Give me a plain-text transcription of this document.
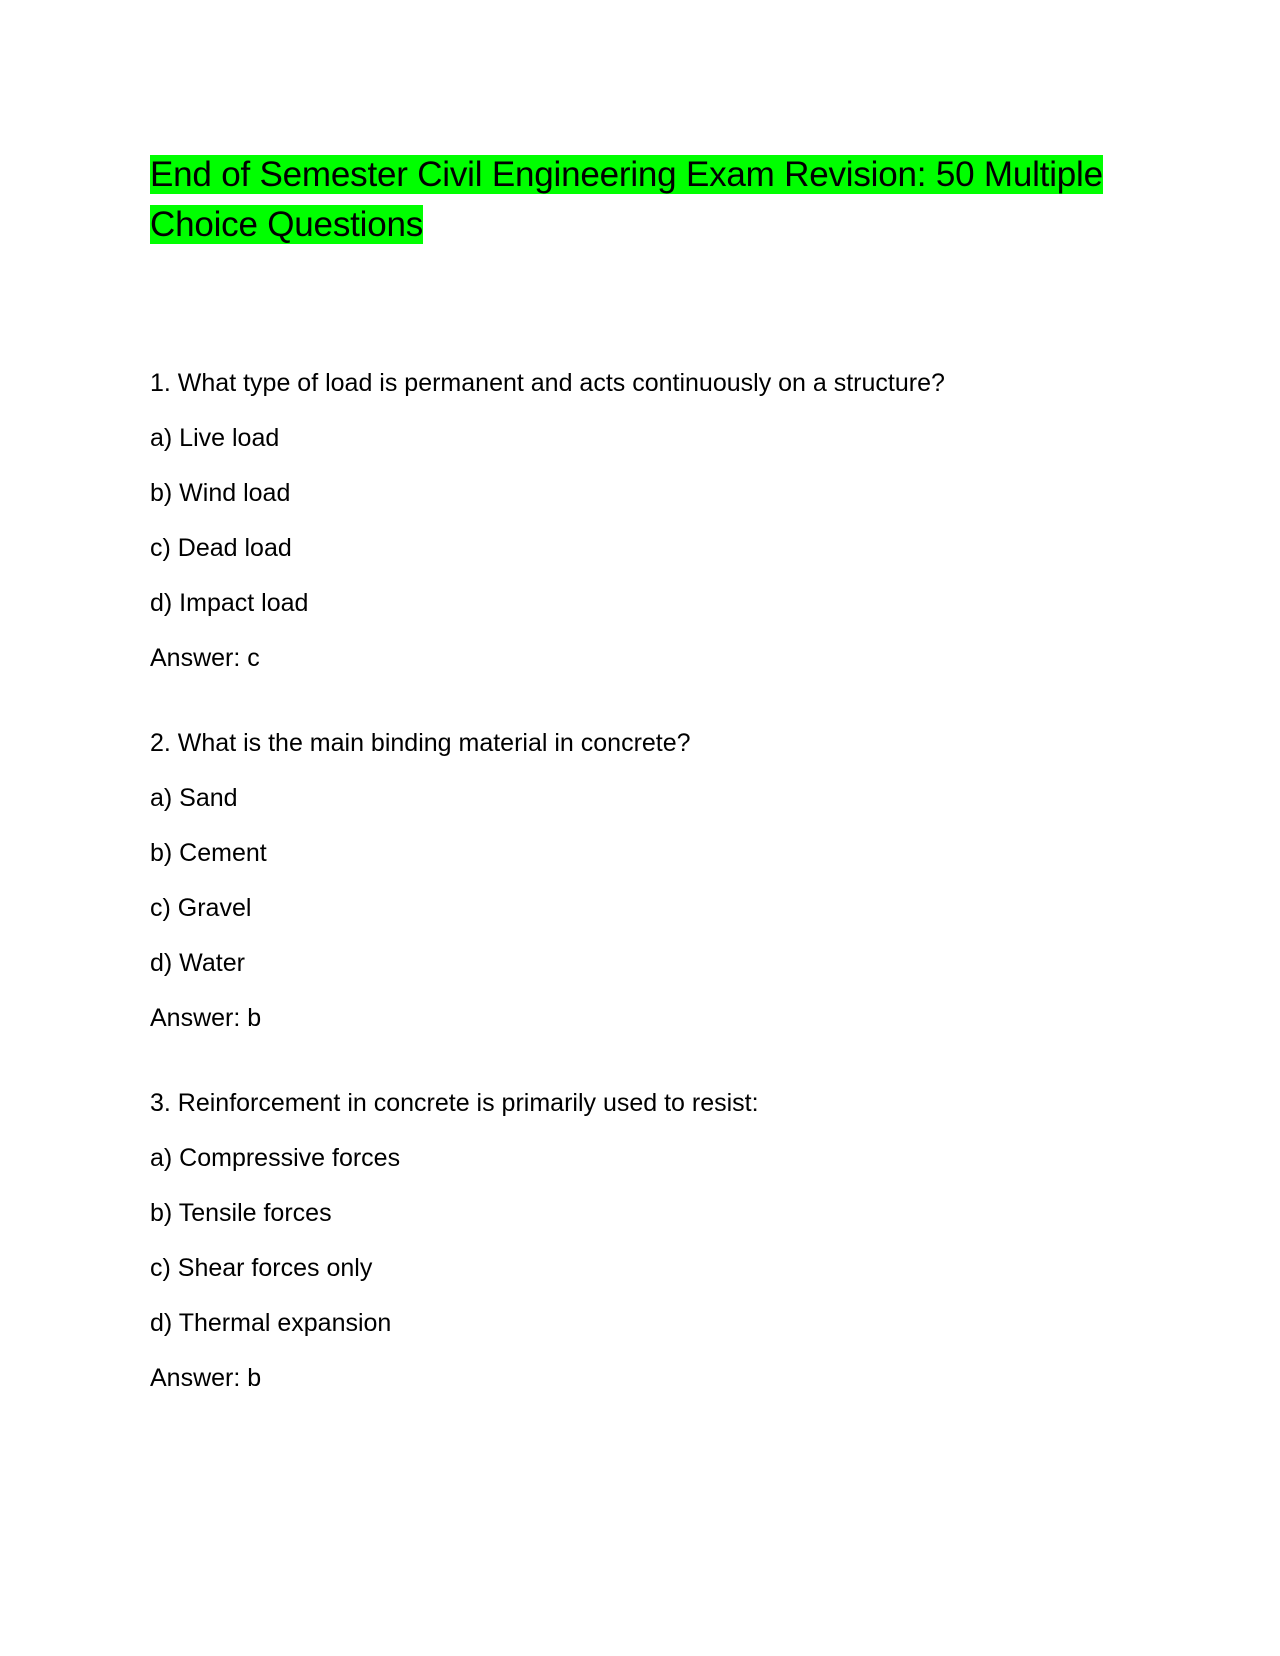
End of Semester Civil Engineering Exam Revision: 50 Multiple Choice Questions
1. What type of load is permanent and acts continuously on a structure?
a) Live load
b) Wind load
c) Dead load
d) Impact load
Answer: c
2. What is the main binding material in concrete?
a) Sand
b) Cement
c) Gravel
d) Water
Answer: b
3. Reinforcement in concrete is primarily used to resist:
a) Compressive forces
b) Tensile forces
c) Shear forces only
d) Thermal expansion
Answer: b
